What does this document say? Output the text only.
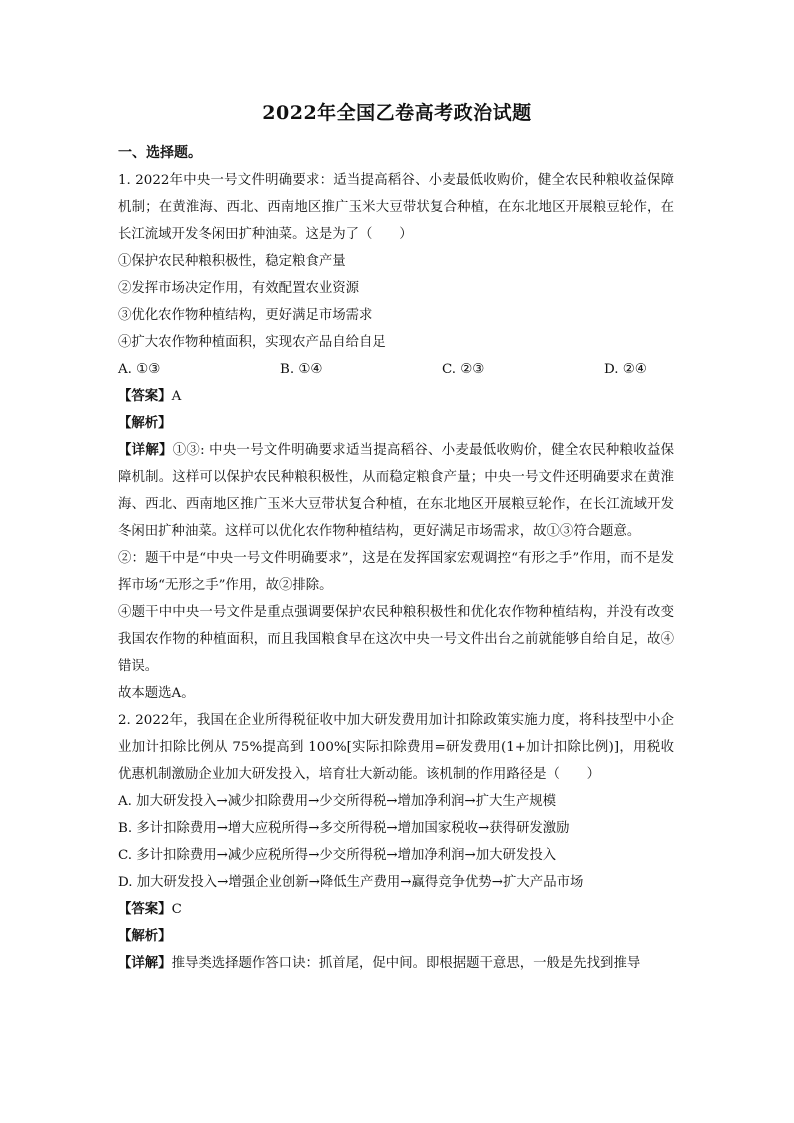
2022年全国乙卷高考政治试题
一、选择题。
1. 2022年中央一号文件明确要求：适当提高稻谷、小麦最低收购价，健全农民种粮收益保障机制；在黄淮海、西北、西南地区推广玉米大豆带状复合种植，在东北地区开展粮豆轮作，在长江流域开发冬闲田扩种油菜。这是为了（　　）
①保护农民种粮积极性，稳定粮食产量
②发挥市场决定作用，有效配置农业资源
③优化农作物种植结构，更好满足市场需求
④扩大农作物种植面积，实现农产品自给自足
A. ①③	B. ①④	C. ②③	D. ②④
【答案】A
【解析】
【详解】①③: 中央一号文件明确要求适当提高稻谷、小麦最低收购价，健全农民种粮收益保障机制。这样可以保护农民种粮积极性，从而稳定粮食产量；中央一号文件还明确要求在黄淮海、西北、西南地区推广玉米大豆带状复合种植，在东北地区开展粮豆轮作，在长江流域开发冬闲田扩种油菜。这样可以优化农作物种植结构，更好满足市场需求，故①③符合题意。
②：题干中是“中央一号文件明确要求”，这是在发挥国家宏观调控“有形之手”作用，而不是发挥市场“无形之手”作用，故②排除。
④题干中中央一号文件是重点强调要保护农民种粮积极性和优化农作物种植结构，并没有改变我国农作物的种植面积，而且我国粮食早在这次中央一号文件出台之前就能够自给自足，故④错误。
故本题选A。
2. 2022年，我国在企业所得税征收中加大研发费用加计扣除政策实施力度，将科技型中小企业加计扣除比例从 75%提高到 100%[实际扣除费用=研发费用(1+加计扣除比例)]，用税收优惠机制激励企业加大研发投入，培育壮大新动能。该机制的作用路径是（　　）
A. 加大研发投入→减少扣除费用→少交所得税→增加净利润→扩大生产规模
B. 多计扣除费用→增大应税所得→多交所得税→增加国家税收→获得研发激励
C. 多计扣除费用→减少应税所得→少交所得税→增加净利润→加大研发投入
D. 加大研发投入→增强企业创新→降低生产费用→赢得竞争优势→扩大产品市场
【答案】C
【解析】
【详解】推导类选择题作答口诀：抓首尾，促中间。即根据题干意思，一般是先找到推导
